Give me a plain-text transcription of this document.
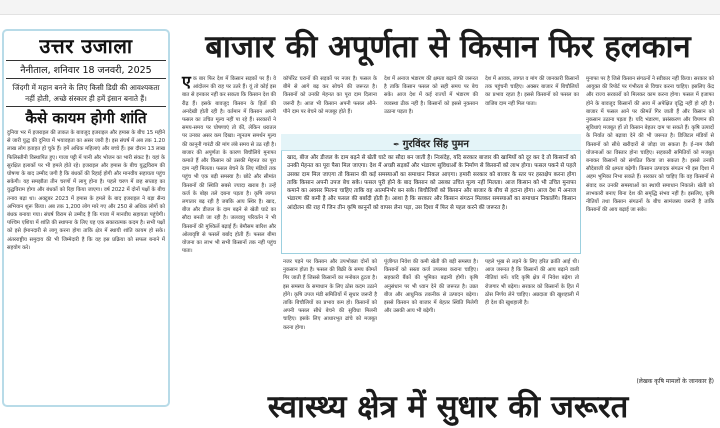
उत्तर उजाला
नैनीताल, शनिवार 18 जनवरी, 2025
जिंदगी में महान बनने के लिए किसी डिग्री की आवश्यकता नहीं होती, अच्छे संस्कार ही हमें इंसान बनाते हैं।
कैसे कायम होगी शांति

दुनिया भर में इजराइल की ताकत के बावजूद इजराइल और हमास के बीच 15 महीने से जारी युद्ध की दुनिया में भयावहता का असर जारी है। इस संघर्ष में अब तक 1.20 लाख लोग हताहत हो चुके हैं। हमें अधिक महिलाएं और बच्चे हैं। इस दौरान 13 लाख फिलिस्तीनी विस्थापित हुए। गाजा पट्टी में पानी और भोजन का भारी संकट है। यहां के सुरक्षित इलाकों पर भी हमले होते रहे। इजराइल और हमास के बीच युद्धविराम की घोषणा के बाद उम्मीद जगी है कि बंधकों की रिहाई होगी और मानवीय सहायता पहुंच सकेगी। यह समझौता तीन चरणों में लागू होना है। पहले चरण में छह सप्ताह का युद्धविराम होगा और बंधकों को रिहा किया जाएगा। वर्ष 2022 में दोनों पक्षों के बीच तनाव बढ़ा था। अक्टूबर 2023 में हमास के हमले के बाद इजराइल ने बड़ा सैन्य अभियान शुरू किया। अब तक 1,200 लोग मारे गए और 250 से अधिक लोगों को बंधक बनाया गया। संघर्ष विराम से उम्मीद है कि गाजा में मानवीय सहायता पहुंचेगी। पश्चिम एशिया में शांति की स्थापना के लिए यह एक सकारात्मक कदम है। सभी पक्षों को इसे ईमानदारी से लागू करना होगा ताकि क्षेत्र में स्थायी शांति कायम हो सके। अंतरराष्ट्रीय समुदाय की भी जिम्मेदारी है कि वह इस प्रक्रिया को सफल बनाने में सहयोग करे।

बाजार की अपूर्णता से किसान फिर हलकान
ए क बार फिर देश में किसान सड़कों पर हैं। वे आंदोलन की राह पर उतरे हैं। यूं तो कोई इस बात से इनकार नहीं कर सकता कि किसान देश की रीढ़ हैं। इसके बावजूद किसान के हितों की अनदेखी होती रही है। वर्तमान में किसान अपनी फसल का उचित मूल्य नहीं पा रहे हैं। सरकारों ने समय-समय पर घोषणाएं तो कीं, लेकिन धरातल पर उनका असर कम दिखा। न्यूनतम समर्थन मूल्य की कानूनी गारंटी की मांग लंबे समय से उठ रही है। बाजार की अपूर्णता के कारण बिचौलिये मुनाफा कमाते हैं और किसान को उसकी मेहनत का पूरा दाम नहीं मिलता। फसल बेचने के लिए मंडियों तक पहुंच भी एक बड़ी समस्या है। छोटे और सीमांत किसानों की स्थिति सबसे ज्यादा खराब है। उन्हें कर्ज के बोझ तले दबना पड़ता है। कृषि लागत लगातार बढ़ रही है जबकि आय स्थिर है। खाद, बीज और डीजल के दाम बढ़ने से खेती घाटे का सौदा बनती जा रही है। जलवायु परिवर्तन ने भी किसानों की मुश्किलें बढ़ाई हैं। बेमौसम बारिश और ओलावृष्टि से फसलें बर्बाद होती हैं। फसल बीमा योजना का लाभ भी सभी किसानों तक नहीं पहुंच पाता।

कॉर्पोरेट घरानों की सड़कों पर नजर है। फसल के बीमे से आगे बढ़ कर सोचने की जरूरत है। किसानों को उनकी मेहनत का पूरा दाम दिलाना जरूरी है। आज भी किसान अपनी फसल औने-पौने दाम पर बेचने को मजबूर होते हैं।

देश में अनाज भंडारण की क्षमता बढ़ाने की जरूरत है ताकि किसान फसल को सही समय पर बेच सके। आज देश में कई राज्यों में भंडारण की व्यवस्था ठीक नहीं है। किसानों को इससे नुकसान उठाना पड़ता है।

देश में आवक, लागत व मांग की जानकारी किसानों तक पहुंचनी चाहिए। अक्सर बाजार में बिचौलियों का प्रभाव रहता है। इससे किसानों को फसल का वाजिब दाम नहीं मिल पाता।

मुनाफा पर है जिसे किसान संगठनों ने स्वीकार नहीं किया। सरकार को आयुक्त की रिपोर्ट पर गंभीरता से विचार करना चाहिए। इसलिए केंद्र और राज्य सरकारों को मिलकर काम करना होगा। फसल में इजाफा होने के बावजूद किसानों की आय में अपेक्षित वृद्धि नहीं हो रही है। बाजार में फसल आने पर कीमतें गिर जाती हैं और किसान को नुकसान उठाना पड़ता है। यदि भंडारण, प्रसंस्करण और विपणन की सुविधाएं मजबूत हों तो किसान बेहतर दाम पा सकते हैं। कृषि उत्पादों के निर्यात को बढ़ावा देने की भी जरूरत है। डिजिटल मंडियों से किसानों को सीधे खरीदारों से जोड़ा जा सकता है। ई-नाम जैसी योजनाओं का विस्तार होना चाहिए। सहकारी समितियों को मजबूत बनाकर किसानों को संगठित किया जा सकता है। इससे उनकी सौदेबाजी की क्षमता बढ़ेगी। किसान उत्पादक संगठन भी इस दिशा में अहम भूमिका निभा सकते हैं। सरकार को चाहिए कि वह किसानों से संवाद कर उनकी समस्याओं का स्थायी समाधान निकाले। खेती को लाभकारी बनाए बिना देश की समृद्धि संभव नहीं है। इसलिए, कृषि नीतियों तथा किसान संगठनों के बीच सामंजस्य जरूरी है ताकि किसानों की आय बढ़ाई जा सके।

✒ गुरविंदर सिंह पुमन

खाद, बीज और डीजल के दाम बढ़ने से खेती घाटे का सौदा बन जाती है। निःसंदेह, यदि सरकार बाजार की खामियों को दूर कर दे तो किसानों को उनकी मेहनत का पूरा पैसा मिल जाएगा। देश में अच्छी सड़कों और भंडारण सुविधाओं के निर्माण से किसानों को लाभ होगा। फसल पकने से पहले उसका दाम मिल जाएगा तो किसान की कई समस्याओं का समाधान निकल आएगा। हमारी सरकार को बाजार के स्तर पर हस्तक्षेप करना होगा ताकि किसान अपनी उपज बेच सके। फसल पूरी होने के बाद किसान को उसका उचित मूल्य नहीं मिलता। आज किसान को भी उचित मुनाफा कमाने का अवसर मिलना चाहिए ताकि वह आत्मनिर्भर बन सके। बिचौलियों को किसान और बाजार के बीच से हटाना होगा। आज देश में अनाज भंडारण की कमी है और फसल की बर्बादी होती है। आशा है कि सरकार और किसान संगठन मिलकर समस्याओं का समाधान निकालेंगे। किसान आंदोलन की राह में जिन तीन कृषि कानूनों को वापस लेना पड़ा, उस दिशा में फिर से पहल करने की जरूरत है।

नजर पड़ने पर किसान और उपभोक्ता दोनों को नुकसान होता है। फसल की बिक्री के समय कीमतें गिर जाती हैं जिससे किसानों का मनोबल टूटता है। इस समस्या के समाधान के लिए ठोस कदम उठाने होंगे। कृषि उपज मंडी समितियों में सुधार जरूरी है ताकि बिचौलियों का प्रभाव कम हो। किसानों को अपनी फसल सीधे बेचने की सुविधा मिलनी चाहिए। इसके लिए आधारभूत ढांचे को मजबूत करना होगा।

पूंजीगत निवेश की कमी खेती की बड़ी समस्या है। किसानों को सस्ता कर्ज उपलब्ध कराना चाहिए। सहकारी बैंकों की भूमिका बढ़ानी होगी। कृषि अनुसंधान पर भी ध्यान देने की जरूरत है। उन्नत बीज और आधुनिक तकनीक से उत्पादन बढ़ेगा। इससे किसान को बाजार में बेहतर स्थिति मिलेगी और उसकी आय भी बढ़ेगी।

पहले भूख से लड़ने के लिए हरित क्रांति आई थी। आज जरूरत है कि किसानों की आय बढ़ाने वाली नीतियां बनें। यदि कृषि क्षेत्र में निवेश बढ़ेगा तो रोजगार भी बढ़ेगा। सरकार को किसानों के हित में ठोस निर्णय लेने चाहिए। अन्नदाता की खुशहाली में ही देश की खुशहाली है।

(लेखक कृषि मामलों के जानकार हैं)
स्वास्थ्य क्षेत्र में सुधार की जरूरत
